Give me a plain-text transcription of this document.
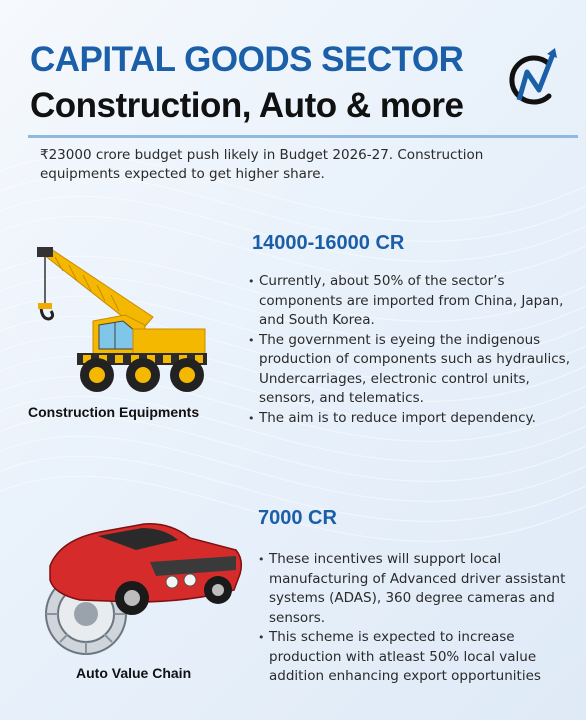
CAPITAL GOODS SECTOR
Construction, Auto & more
₹23000 crore budget push likely in Budget 2026-27. Construction equipments expected to get higher share.
Construction Equipments
14000-16000 CR
• Currently, about 50% of the sector’s components are imported from China, Japan, and South Korea.
• The government is eyeing the indigenous production of components such as hydraulics, Undercarriages, electronic control units, sensors, and telematics.
• The aim is to reduce import dependency.
Auto Value Chain
7000 CR
• These incentives will support local manufacturing of Advanced driver assistant systems (ADAS), 360 degree cameras and sensors.
• This scheme is expected to increase production with atleast 50% local value addition enhancing export opportunities
